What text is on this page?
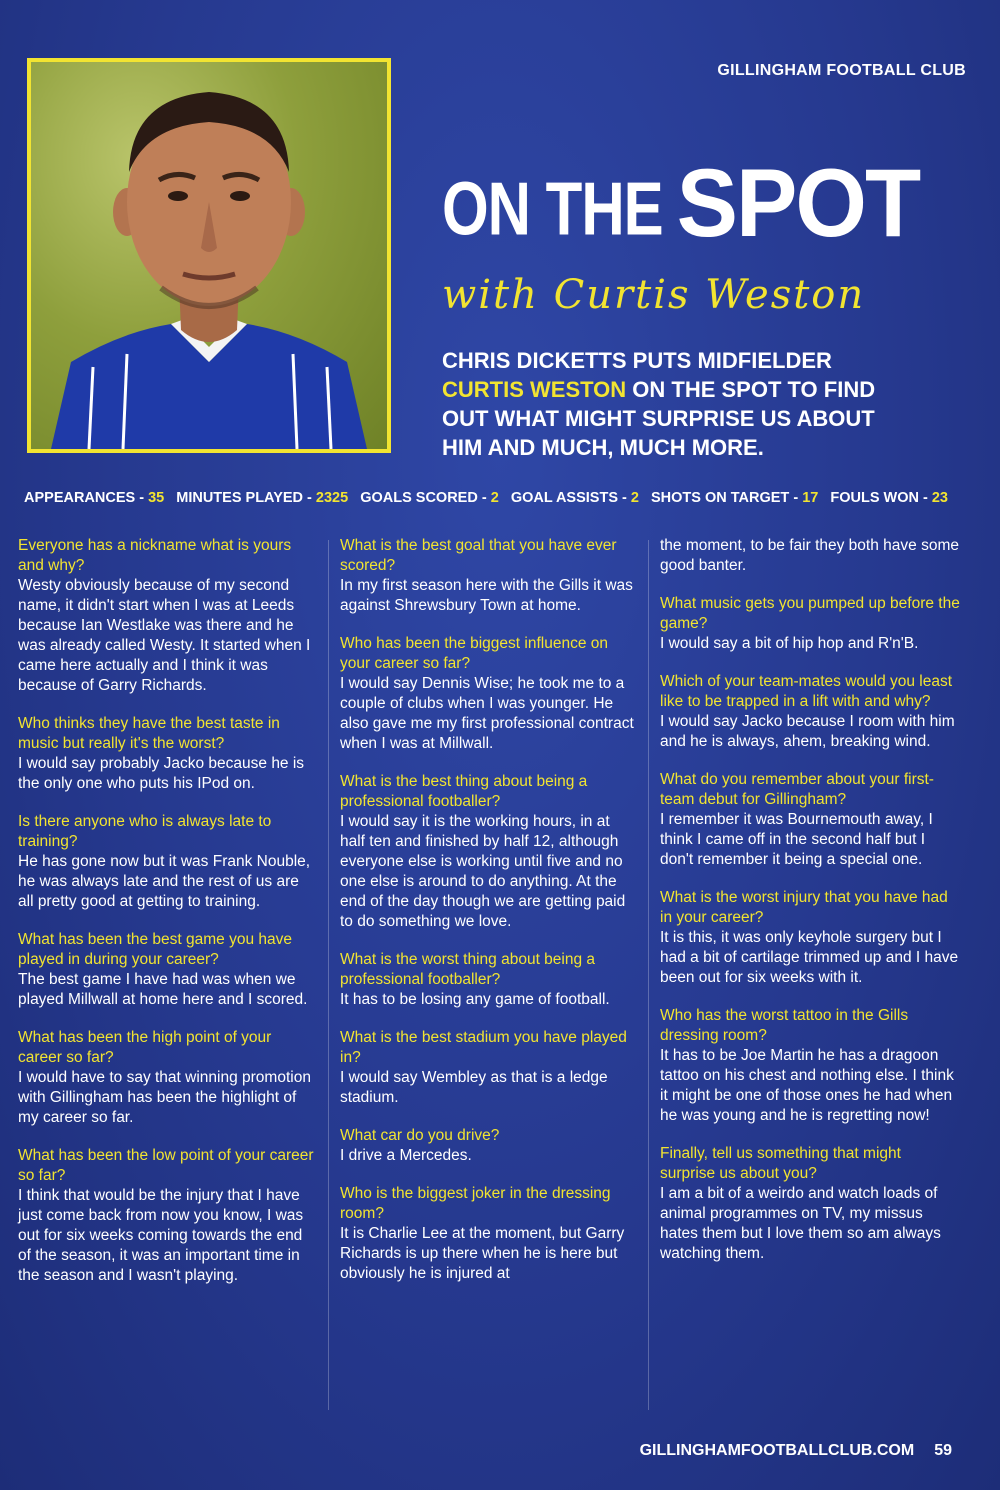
GILLINGHAM FOOTBALL CLUB
ON THE SPOT
with Curtis Weston
CHRIS DICKETTS PUTS MIDFIELDER CURTIS WESTON ON THE SPOT TO FIND OUT WHAT MIGHT SURPRISE US ABOUT HIM AND MUCH, MUCH MORE.
APPEARANCES - 35 MINUTES PLAYED - 2325 GOALS SCORED - 2 GOAL ASSISTS - 2 SHOTS ON TARGET - 17 FOULS WON - 23
Everyone has a nickname what is yours and why?
Westy obviously because of my second name, it didn't start when I was at Leeds because Ian Westlake was there and he was already called Westy. It started when I came here actually and I think it was because of Garry Richards.
Who thinks they have the best taste in music but really it's the worst?
I would say probably Jacko because he is the only one who puts his IPod on.
Is there anyone who is always late to training?
He has gone now but it was Frank Nouble, he was always late and the rest of us are all pretty good at getting to training.
What has been the best game you have played in during your career?
The best game I have had was when we played Millwall at home here and I scored.
What has been the high point of your career so far?
I would have to say that winning promotion with Gillingham has been the highlight of my career so far.
What has been the low point of your career so far?
I think that would be the injury that I have just come back from now you know, I was out for six weeks coming towards the end of the season, it was an important time in the season and I wasn't playing.
What is the best goal that you have ever scored?
In my first season here with the Gills it was against Shrewsbury Town at home.
Who has been the biggest influence on your career so far?
I would say Dennis Wise; he took me to a couple of clubs when I was younger. He also gave me my first professional contract when I was at Millwall.
What is the best thing about being a professional footballer?
I would say it is the working hours, in at half ten and finished by half 12, although everyone else is working until five and no one else is around to do anything. At the end of the day though we are getting paid to do something we love.
What is the worst thing about being a professional footballer?
It has to be losing any game of football.
What is the best stadium you have played in?
I would say Wembley as that is a ledge stadium.
What car do you drive?
I drive a Mercedes.
Who is the biggest joker in the dressing room?
It is Charlie Lee at the moment, but Garry Richards is up there when he is here but obviously he is injured at
the moment, to be fair they both have some good banter.
What music gets you pumped up before the game?
I would say a bit of hip hop and R'n'B.
Which of your team-mates would you least like to be trapped in a lift with and why?
I would say Jacko because I room with him and he is always, ahem, breaking wind.
What do you remember about your first-team debut for Gillingham?
I remember it was Bournemouth away, I think I came off in the second half but I don't remember it being a special one.
What is the worst injury that you have had in your career?
It is this, it was only keyhole surgery but I had a bit of cartilage trimmed up and I have been out for six weeks with it.
Who has the worst tattoo in the Gills dressing room?
It has to be Joe Martin he has a dragoon tattoo on his chest and nothing else. I think it might be one of those ones he had when he was young and he is regretting now!
Finally, tell us something that might surprise us about you?
I am a bit of a weirdo and watch loads of animal programmes on TV, my missus hates them but I love them so am always watching them.
GILLINGHAMFOOTBALLCLUB.COM 59
